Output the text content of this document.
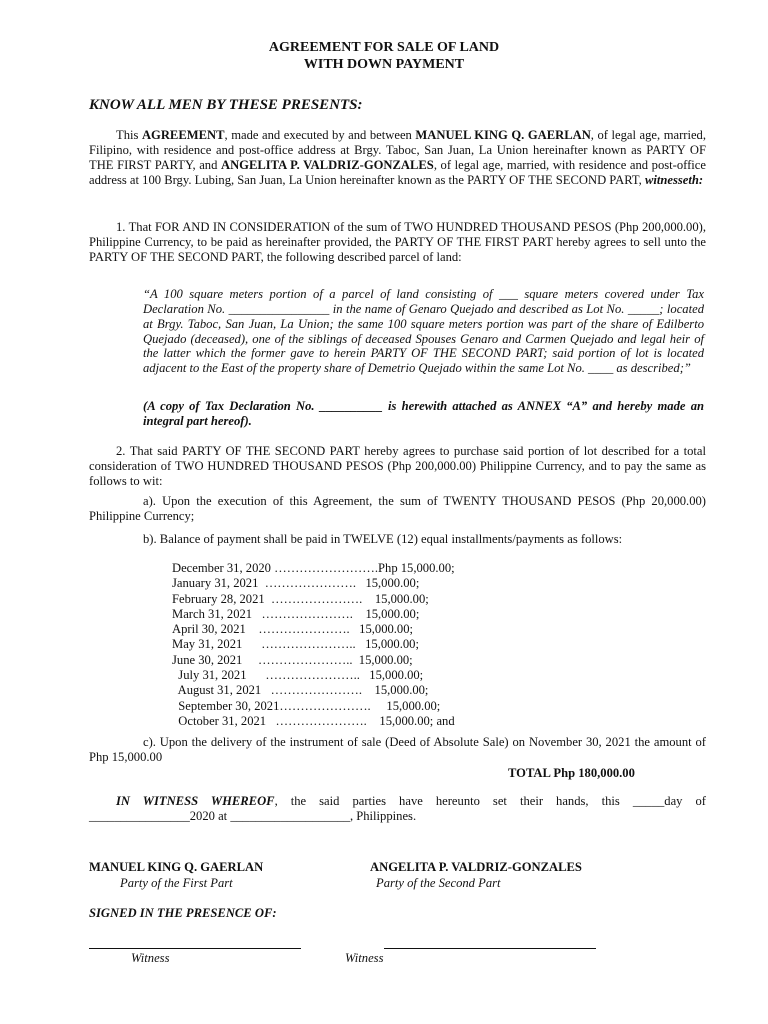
AGREEMENT FOR SALE OF LAND
WITH DOWN PAYMENT
KNOW ALL MEN BY THESE PRESENTS:
This AGREEMENT, made and executed by and between MANUEL KING Q. GAERLAN, of legal age, married, Filipino, with residence and post-office address at Brgy. Taboc, San Juan, La Union hereinafter known as PARTY OF THE FIRST PARTY, and ANGELITA P. VALDRIZ-GONZALES, of legal age, married, with residence and post-office address at 100 Brgy. Lubing, San Juan, La Union hereinafter known as the PARTY OF THE SECOND PART, witnesseth:
1. That FOR AND IN CONSIDERATION of the sum of TWO HUNDRED THOUSAND PESOS (Php 200,000.00), Philippine Currency, to be paid as hereinafter provided, the PARTY OF THE FIRST PART hereby agrees to sell unto the PARTY OF THE SECOND PART, the following described parcel of land:
“A 100 square meters portion of a parcel of land consisting of ___ square meters covered under Tax Declaration No. ________________ in the name of Genaro Quejado and described as Lot No. _____; located at Brgy. Taboc, San Juan, La Union; the same 100 square meters portion was part of the share of Edilberto Quejado (deceased), one of the siblings of deceased Spouses Genaro and Carmen Quejado and legal heir of the latter which the former gave to herein PARTY OF THE SECOND PART; said portion of lot is located adjacent to the East of the property share of Demetrio Quejado within the same Lot No. ____ as described;”
(A copy of Tax Declaration No. __________ is herewith attached as ANNEX “A” and hereby made an integral part hereof).
2. That said PARTY OF THE SECOND PART hereby agrees to purchase said portion of lot described for a total consideration of TWO HUNDRED THOUSAND PESOS (Php 200,000.00) Philippine Currency, and to pay the same as follows to wit:
a). Upon the execution of this Agreement, the sum of TWENTY THOUSAND PESOS (Php 20,000.00) Philippine Currency;
b). Balance of payment shall be paid in TWELVE (12) equal installments/payments as follows:
December 31, 2020 …………………….Php 15,000.00;
January 31, 2021  ………………….   15,000.00;
February 28, 2021  ………………….    15,000.00;
March 31, 2021   ………………….    15,000.00;
April 30, 2021    ………………….   15,000.00;
May 31, 2021      …………………..   15,000.00;
June 30, 2021     …………………..  15,000.00;
July 31, 2021      …………………..   15,000.00;
August 31, 2021   ………………….    15,000.00;
September 30, 2021………………….     15,000.00;
October 31, 2021   ………………….    15,000.00; and
c). Upon the delivery of the instrument of sale (Deed of Absolute Sale) on November 30, 2021 the amount of Php 15,000.00
TOTAL Php 180,000.00
IN WITNESS WHEREOF, the said parties have hereunto set their hands, this _____day of ________________2020 at ___________________, Philippines.
MANUEL KING Q. GAERLAN
Party of the First Part
ANGELITA P. VALDRIZ-GONZALES
Party of the Second Part
SIGNED IN THE PRESENCE OF:
Witness	Witness
